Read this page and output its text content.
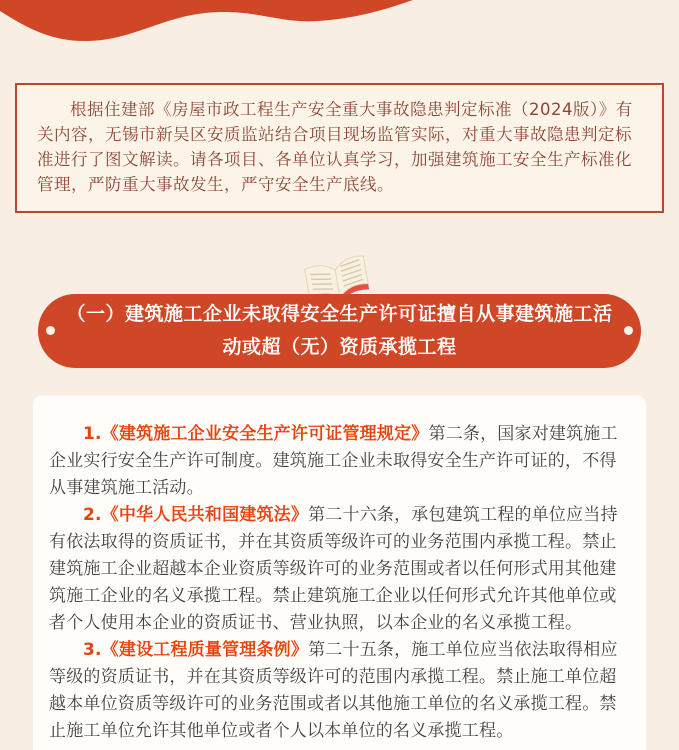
根据住建部《房屋市政工程生产安全重大事故隐患判定标准（2024版）》有关内容，无锡市新吴区安质监站结合项目现场监管实际，对重大事故隐患判定标准进行了图文解读。请各项目、各单位认真学习，加强建筑施工安全生产标准化管理，严防重大事故发生，严守安全生产底线。
（一）建筑施工企业未取得安全生产许可证擅自从事建筑施工活
动或超（无）资质承揽工程

1.《建筑施工企业安全生产许可证管理规定》第二条，国家对建筑施工企业实行安全生产许可制度。建筑施工企业未取得安全生产许可证的，不得从事建筑施工活动。

2.《中华人民共和国建筑法》第二十六条，承包建筑工程的单位应当持有依法取得的资质证书，并在其资质等级许可的业务范围内承揽工程。禁止建筑施工企业超越本企业资质等级许可的业务范围或者以任何形式用其他建筑施工企业的名义承揽工程。禁止建筑施工企业以任何形式允许其他单位或者个人使用本企业的资质证书、营业执照，以本企业的名义承揽工程。

3.《建设工程质量管理条例》第二十五条，施工单位应当依法取得相应等级的资质证书，并在其资质等级许可的范围内承揽工程。禁止施工单位超越本单位资质等级许可的业务范围或者以其他施工单位的名义承揽工程。禁止施工单位允许其他单位或者个人以本单位的名义承揽工程。
